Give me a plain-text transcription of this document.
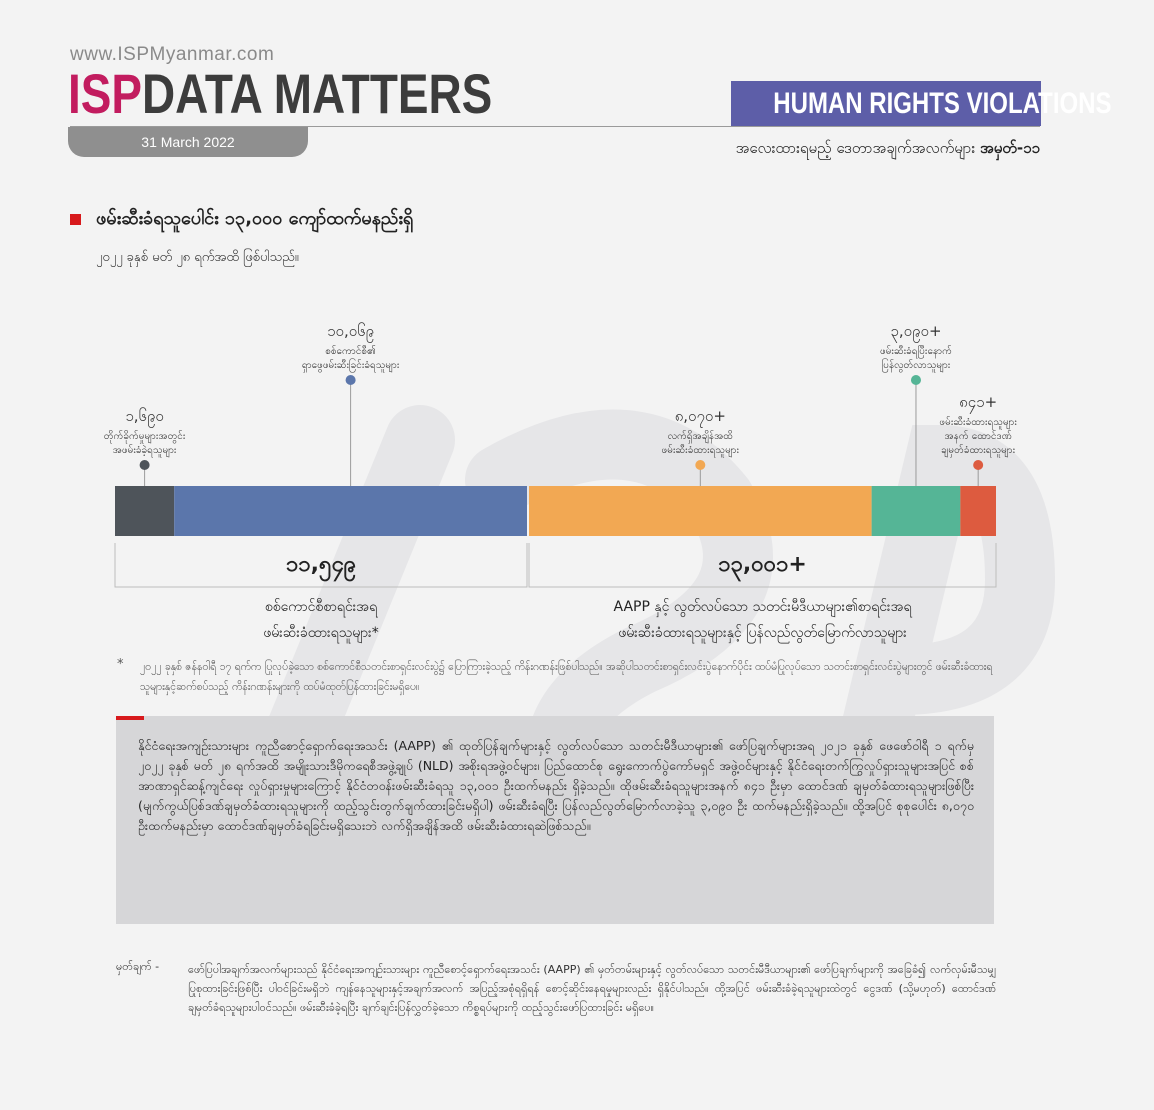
www.ISPMyanmar.com
ISPDATA MATTERS
31 March 2022
HUMAN RIGHTS VIOLATIONS
အလေးထားရမည့် ဒေတာအချက်အလက်များ အမှတ်-၁၁
ဖမ်းဆီးခံရသူပေါင်း ၁၃,၀၀၀ ကျော်ထက်မနည်းရှိ
၂၀၂၂ ခုနှစ် မတ် ၂၈ ရက်အထိ ဖြစ်ပါသည်။
တိုက်ခိုက်မှုများအတွင်း
အဖမ်းခံခဲ့ရသူများ
၁,၆၉၀
စစ်ကောင်စီ၏
ရှာဖွေဖမ်းဆီးခြင်းခံရသူများ
၁၀,၀၆၉
လက်ရှိအချိန်အထိ
ဖမ်းဆီးခံထားရသူများ
၈,၀၇၀+
ဖမ်းဆီးခံရပြီးနောက်
ပြန်လွတ်လာသူများ
၃,၀၉၀+
ဖမ်းဆီးခံထားရသူများ
အနက် ထောင်ဒဏ်
ချမှတ်ခံထားရသူများ
၈၄၁+
၁၁,၅၄၉
စစ်ကောင်စီစာရင်းအရ
ဖမ်းဆီးခံထားရသူများ*
၁၃,၀၀၁+
AAPP နှင့် လွတ်လပ်သော သတင်းမီဒီယာများ၏စာရင်းအရ
ဖမ်းဆီးခံထားရသူများနှင့် ပြန်လည်လွတ်မြောက်လာသူများ
* ၂၀၂၂ ခုနှစ် ဇန်နဝါရီ ၁၇ ရက်က ပြုလုပ်ခဲ့သော စစ်ကောင်စီသတင်းစာရှင်းလင်းပွဲ၌ ပြောကြားခဲ့သည့် ကိန်းဂဏန်းဖြစ်ပါသည်။ အဆိုပါသတင်းစာရှင်းလင်းပွဲနောက်ပိုင်း ထပ်မံပြုလုပ်သော သတင်းစာရှင်းလင်းပွဲများတွင် ဖမ်းဆီးခံထားရသူများနှင့်ဆက်စပ်သည့် ကိန်းဂဏန်းများကို ထပ်မံထုတ်ပြန်ထားခြင်းမရှိပေ။
နိုင်ငံရေးအကျဉ်းသားများ ကူညီစောင့်ရှောက်ရေးအသင်း (AAPP) ၏ ထုတ်ပြန်ချက်များနှင့် လွတ်လပ်သော သတင်းမီဒီယာများ၏ ဖော်ပြချက်များအရ ၂၀၂၁ ခုနှစ် ဖေဖော်ဝါရီ ၁ ရက်မှ ၂၀၂၂ ခုနှစ် မတ် ၂၈ ရက်အထိ အမျိုးသားဒီမိုကရေစီအဖွဲ့ချုပ် (NLD) အစိုးရအဖွဲ့ဝင်များ၊ ပြည်ထောင်စု ရွေးကောက်ပွဲကော်မရှင် အဖွဲ့ဝင်များနှင့် နိုင်ငံရေးတက်ကြွလှုပ်ရှားသူများအပြင် စစ်အာဏာရှင်ဆန့်ကျင်ရေး လှုပ်ရှားမှုများကြောင့် နိုင်ငံတဝန်းဖမ်းဆီးခံရသူ ၁၃,၀၀၁ ဦးထက်မနည်း ရှိခဲ့သည်။ ထိုဖမ်းဆီးခံရသူများအနက် ၈၄၁ ဦးမှာ ထောင်ဒဏ် ချမှတ်ခံထားရသူများဖြစ်ပြီး (မျက်ကွယ်ပြစ်ဒဏ်ချမှတ်ခံထားရသူများကို ထည့်သွင်းတွက်ချက်ထားခြင်းမရှိပါ) ဖမ်းဆီးခံရပြီး ပြန်လည်လွတ်မြောက်လာခဲ့သူ ၃,၀၉၀ ဦး ထက်မနည်းရှိခဲ့သည်။ ထို့အပြင် စုစုပေါင်း ၈,၀၇၀ ဦးထက်မနည်းမှာ ထောင်ဒဏ်ချမှတ်ခံရခြင်းမရှိသေးဘဲ လက်ရှိအချိန်အထိ ဖမ်းဆီးခံထားရဆဲဖြစ်သည်။
မှတ်ချက် -	ဖော်ပြပါအချက်အလက်များသည် နိုင်ငံရေးအကျဉ်းသားများ ကူညီစောင့်ရှောက်ရေးအသင်း (AAPP) ၏ မှတ်တမ်းများနှင့် လွတ်လပ်သော သတင်းမီဒီယာများ၏ ဖော်ပြချက်များကို အခြေခံ၍ လက်လှမ်းမီသမျှ ပြုစုထားခြင်းဖြစ်ပြီး ပါဝင်ခြင်းမရှိဘဲ ကျန်နေသူများနှင့်အချက်အလက် အပြည့်အစုံရရှိရန် စောင့်ဆိုင်းနေရမှုများလည်း ရှိနိုင်ပါသည်။ ထို့အပြင် ဖမ်းဆီးခံခဲ့ရသူများထဲတွင် ငွေဒဏ် (သို့မဟုတ်) ထောင်ဒဏ် ချမှတ်ခံရသူများပါဝင်သည်။ ဖမ်းဆီးခံခဲ့ရပြီး ချက်ချင်းပြန်လွှတ်ခဲ့သော ကိစ္စရပ်များကို ထည့်သွင်းဖော်ပြထားခြင်း မရှိပေ။
